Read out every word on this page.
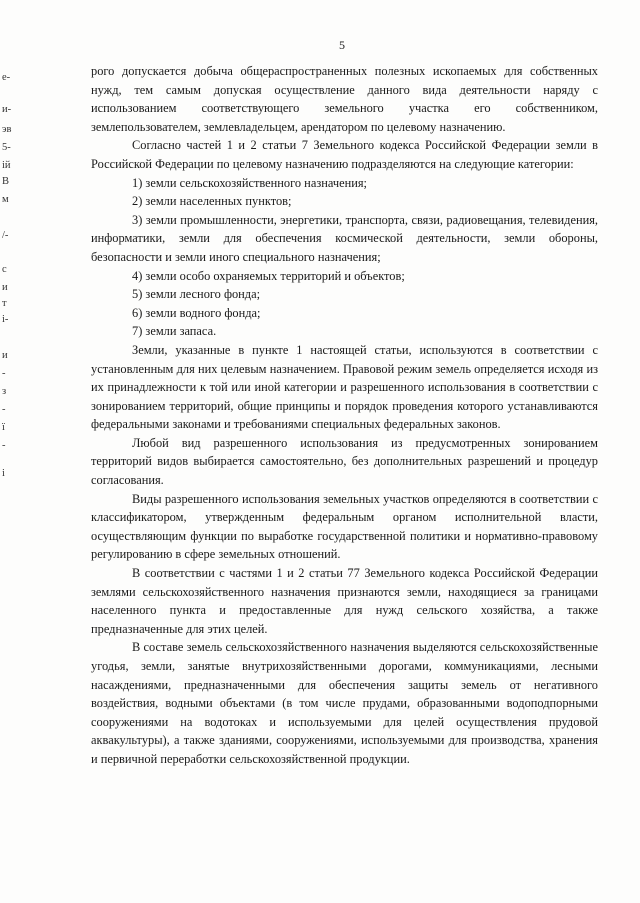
5
е-
и-
эв
5-
ій
В
м
/-
с
и
т
і-
и
-
з
-
ї
-
і

рого допускается добыча общераспространенных полезных ископаемых для собственных нужд, тем самым допуская осуществление данного вида деятельности наряду с использованием соответствующего земельного участка его собственником, землепользователем, землевладельцем, арендатором по целевому назначению.

Согласно частей 1 и 2 статьи 7 Земельного кодекса Российской Федерации земли в Российской Федерации по целевому назначению подразделяются на следующие категории:

1) земли сельскохозяйственного назначения;

2) земли населенных пунктов;

3) земли промышленности, энергетики, транспорта, связи, радиовещания, телевидения, информатики, земли для обеспечения космической деятельности, земли обороны, безопасности и земли иного специального назначения;

4) земли особо охраняемых территорий и объектов;

5) земли лесного фонда;

6) земли водного фонда;

7) земли запаса.

Земли, указанные в пункте 1 настоящей статьи, используются в соответствии с установленным для них целевым назначением. Правовой режим земель определяется исходя из их принадлежности к той или иной категории и разрешенного использования в соответствии с зонированием территорий, общие принципы и порядок проведения которого устанавливаются федеральными законами и требованиями специальных федеральных законов.

Любой вид разрешенного использования из предусмотренных зонированием территорий видов выбирается самостоятельно, без дополнительных разрешений и процедур согласования.

Виды разрешенного использования земельных участков определяются в соответствии с классификатором, утвержденным федеральным органом исполнительной власти, осуществляющим функции по выработке государственной политики и нормативно-правовому регулированию в сфере земельных отношений.

В соответствии с частями 1 и 2 статьи 77 Земельного кодекса Российской Федерации землями сельскохозяйственного назначения признаются земли, находящиеся за границами населенного пункта и предоставленные для нужд сельского хозяйства, а также предназначенные для этих целей.

В составе земель сельскохозяйственного назначения выделяются сельскохозяйственные угодья, земли, занятые внутрихозяйственными дорогами, коммуникациями, лесными насаждениями, предназначенными для обеспечения защиты земель от негативного воздействия, водными объектами (в том числе прудами, образованными водоподпорными сооружениями на водотоках и используемыми для целей осуществления прудовой аквакультуры), а также зданиями, сооружениями, используемыми для производства, хранения и первичной переработки сельскохозяйственной продукции.
